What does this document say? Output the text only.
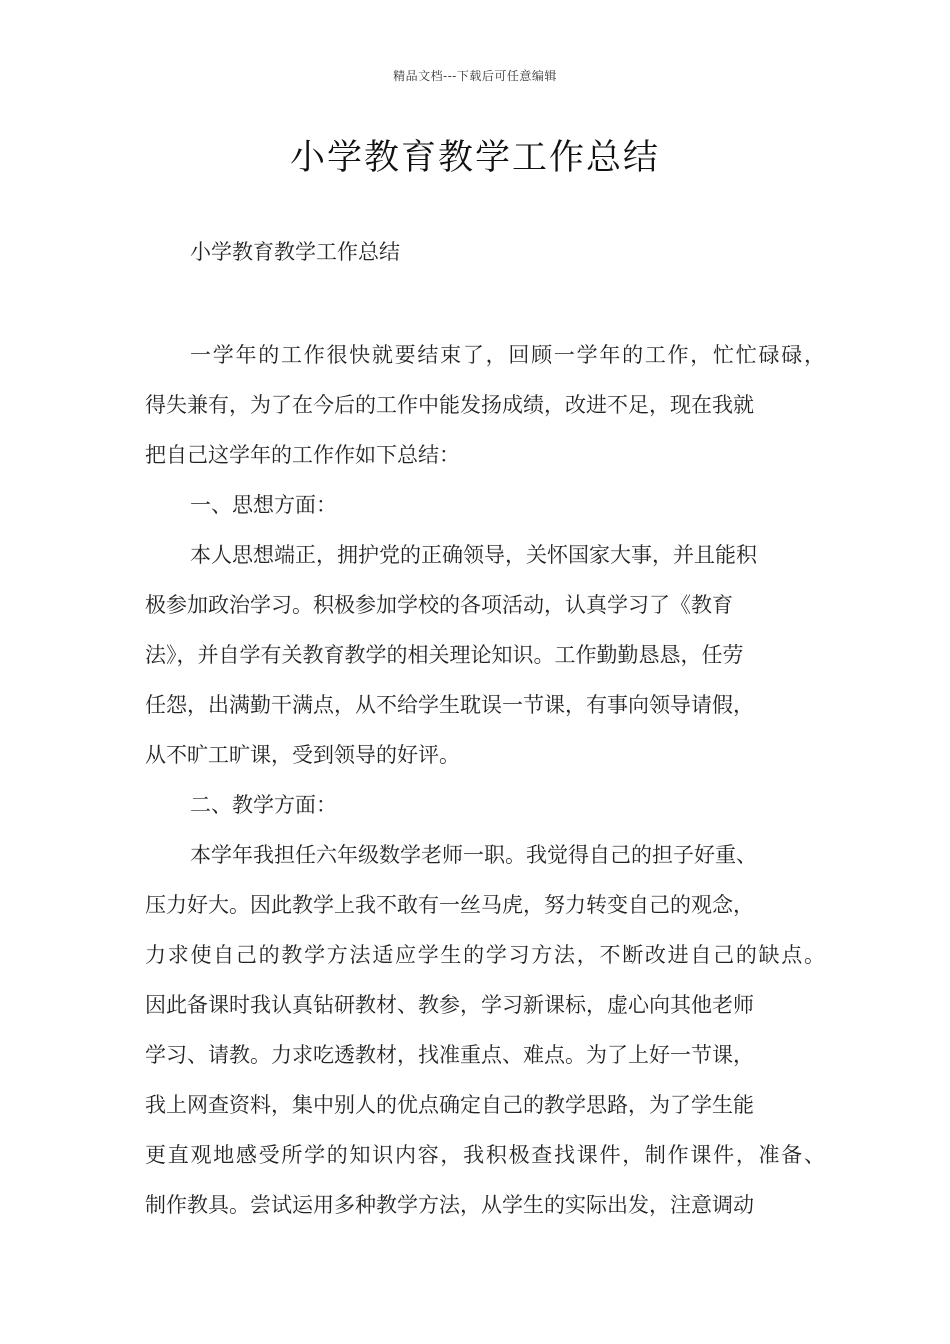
精品文档---下载后可任意编辑
小学教育教学工作总结
小学教育教学工作总结
一学年的工作很快就要结束了，回顾一学年的工作，忙忙碌碌，
得失兼有，为了在今后的工作中能发扬成绩，改进不足，现在我就
把自己这学年的工作作如下总结：
一、思想方面：
本人思想端正，拥护党的正确领导，关怀国家大事，并且能积
极参加政治学习。积极参加学校的各项活动，认真学习了《教育
法》，并自学有关教育教学的相关理论知识。工作勤勤恳恳，任劳
任怨，出满勤干满点，从不给学生耽误一节课，有事向领导请假，
从不旷工旷课，受到领导的好评。
二、教学方面：
本学年我担任六年级数学老师一职。我觉得自己的担子好重、
压力好大。因此教学上我不敢有一丝马虎，努力转变自己的观念，
力求使自己的教学方法适应学生的学习方法，不断改进自己的缺点。
因此备课时我认真钻研教材、教参，学习新课标，虚心向其他老师
学习、请教。力求吃透教材，找准重点、难点。为了上好一节课，
我上网查资料，集中别人的优点确定自己的教学思路，为了学生能
更直观地感受所学的知识内容，我积极查找课件，制作课件，准备、
制作教具。尝试运用多种教学方法，从学生的实际出发，注意调动
